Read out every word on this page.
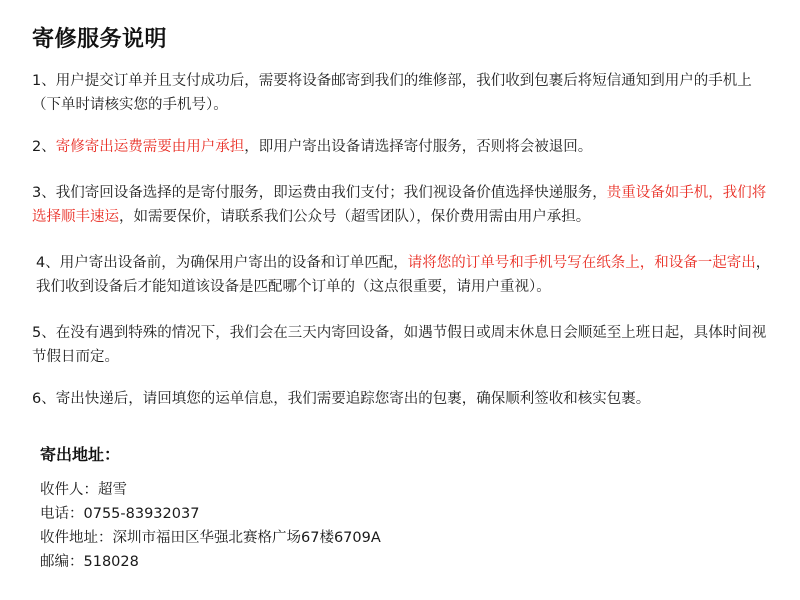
寄修服务说明
1、用户提交订单并且支付成功后，需要将设备邮寄到我们的维修部，我们收到包裹后将短信通知到用户的手机上（下单时请核实您的手机号）。
2、寄修寄出运费需要由用户承担，即用户寄出设备请选择寄付服务，否则将会被退回。
3、我们寄回设备选择的是寄付服务，即运费由我们支付；我们视设备价值选择快递服务，贵重设备如手机，我们将选择顺丰速运，如需要保价，请联系我们公众号（超雪团队），保价费用需由用户承担。
4、用户寄出设备前，为确保用户寄出的设备和订单匹配，请将您的订单号和手机号写在纸条上，和设备一起寄出，我们收到设备后才能知道该设备是匹配哪个订单的（这点很重要，请用户重视）。
5、在没有遇到特殊的情况下，我们会在三天内寄回设备，如遇节假日或周末休息日会顺延至上班日起，具体时间视节假日而定。
6、寄出快递后，请回填您的运单信息，我们需要追踪您寄出的包裹，确保顺利签收和核实包裹。
寄出地址：
收件人：超雪
电话：0755-83932037
收件地址：深圳市福田区华强北赛格广场67楼6709A
邮编：518028
